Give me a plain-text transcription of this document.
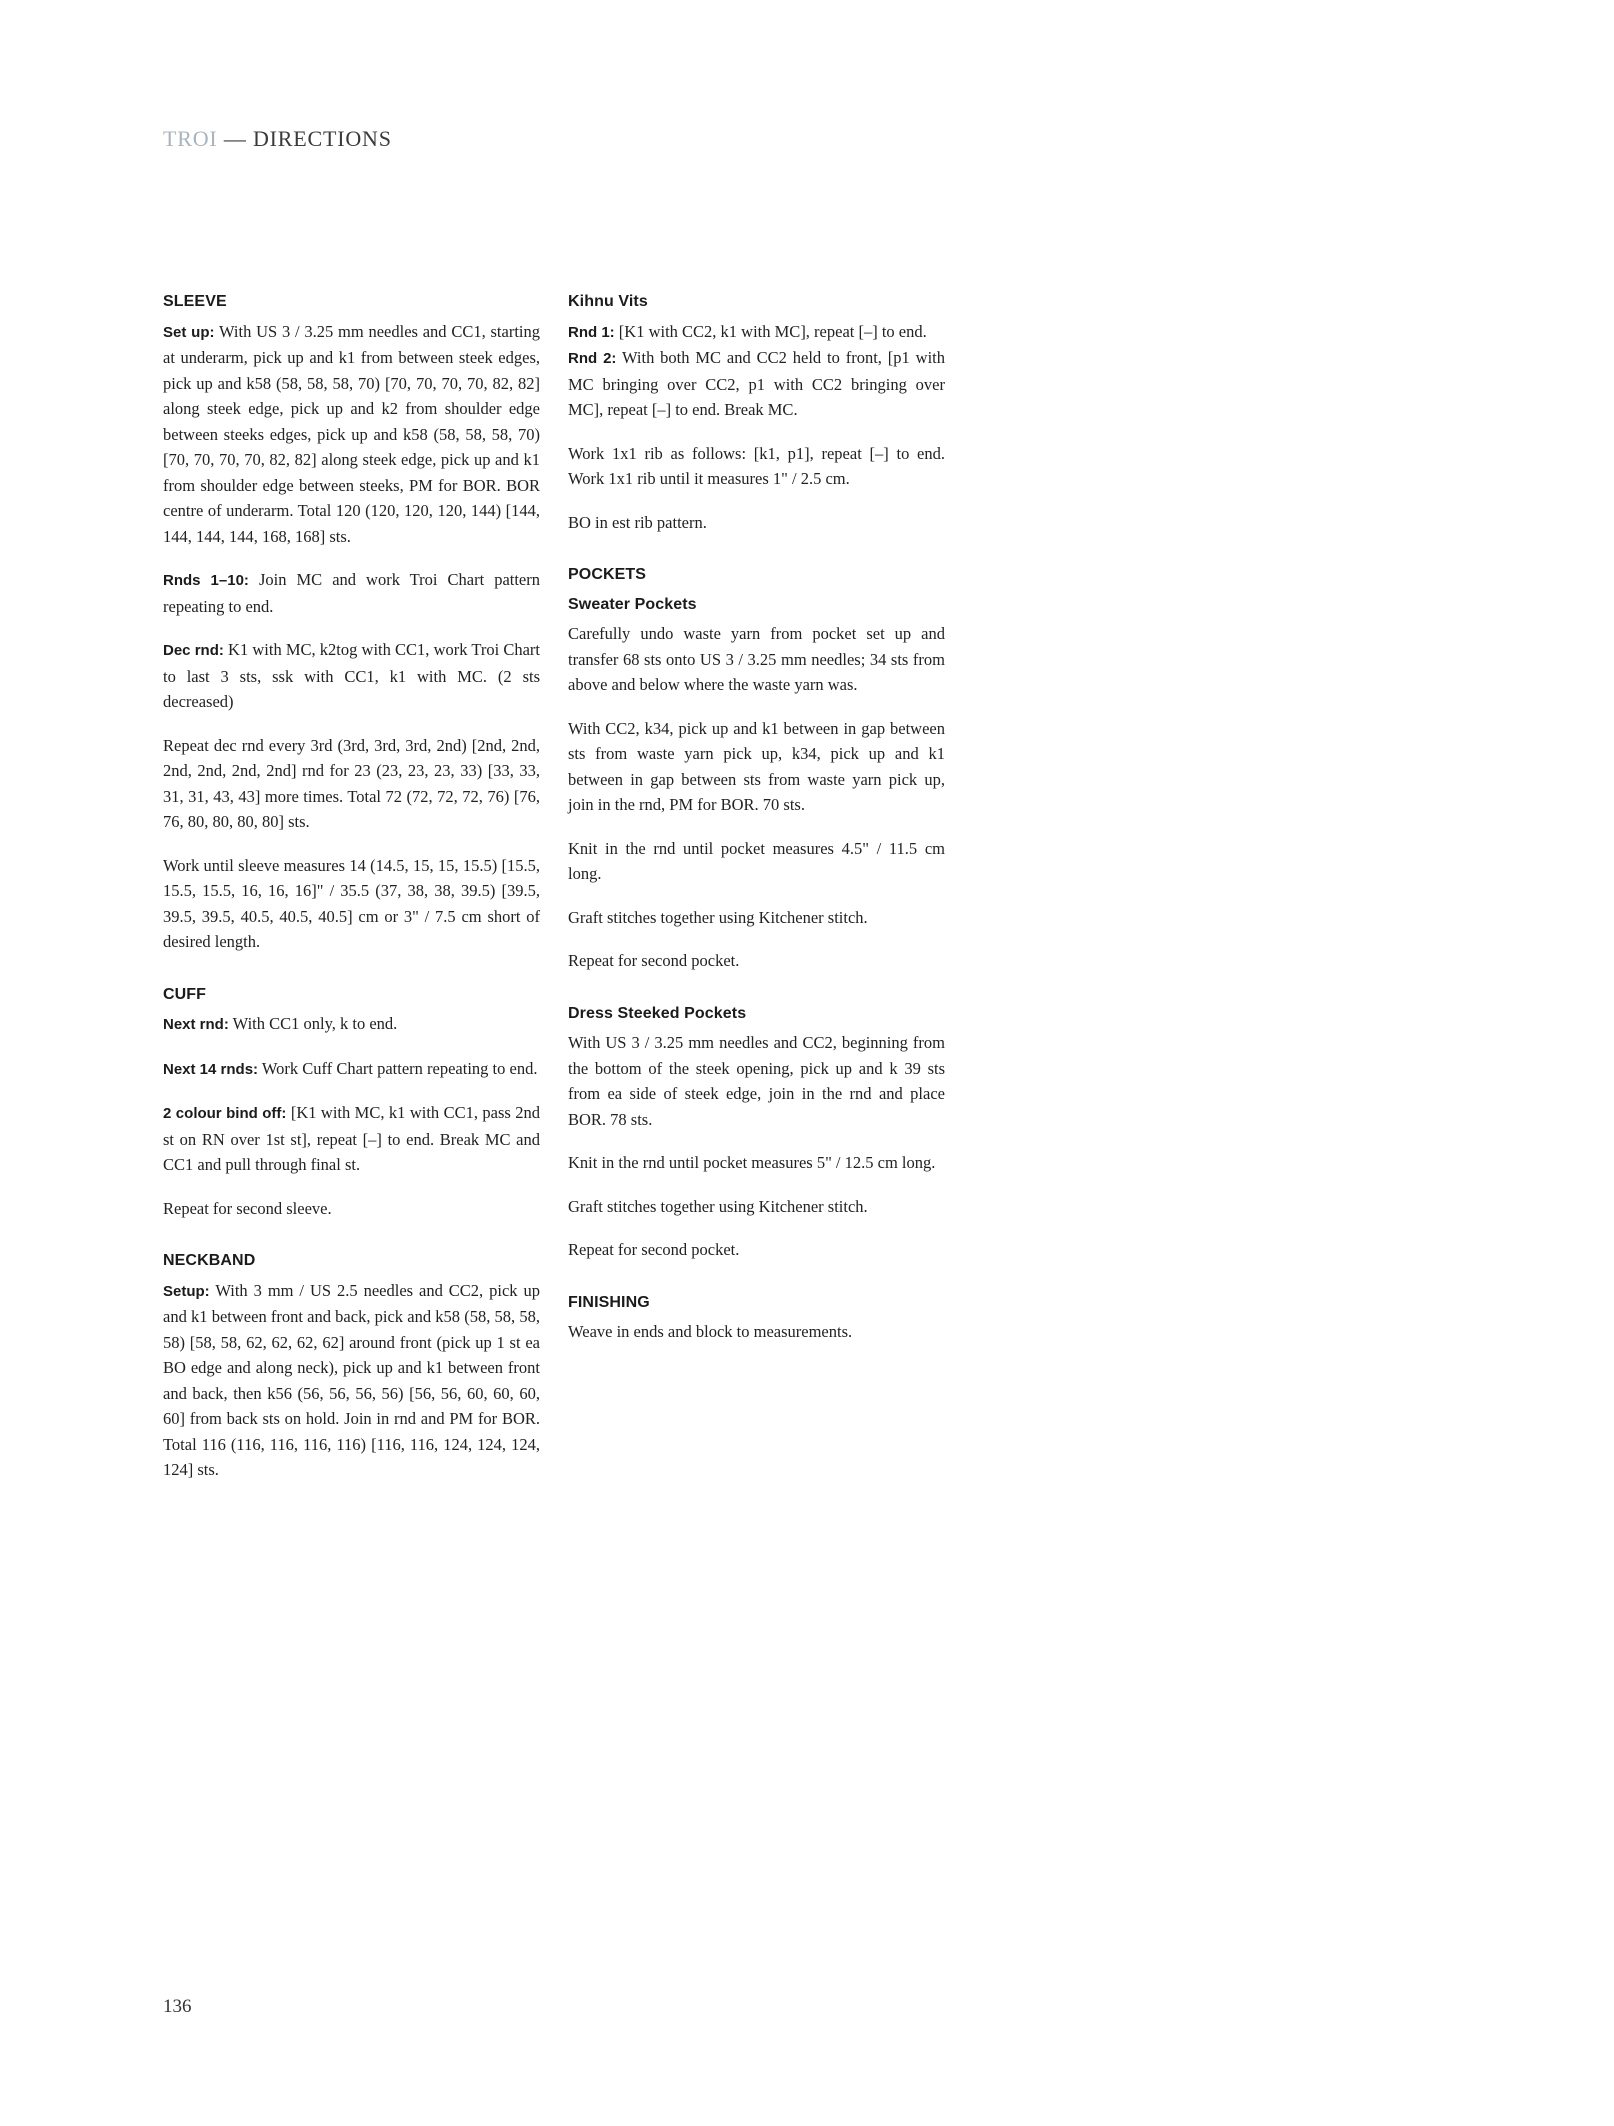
TROI — DIRECTIONS
SLEEVE

Set up: With US 3 / 3.25 mm needles and CC1, starting at underarm, pick up and k1 from between steek edges, pick up and k58 (58, 58, 58, 70) [70, 70, 70, 70, 82, 82] along steek edge, pick up and k2 from shoulder edge between steeks edges, pick up and k58 (58, 58, 58, 70) [70, 70, 70, 70, 82, 82] along steek edge, pick up and k1 from shoulder edge between steeks, PM for BOR. BOR centre of underarm. Total 120 (120, 120, 120, 144) [144, 144, 144, 144, 168, 168] sts.

Rnds 1–10: Join MC and work Troi Chart pattern repeating to end.

Dec rnd: K1 with MC, k2tog with CC1, work Troi Chart to last 3 sts, ssk with CC1, k1 with MC. (2 sts decreased)

Repeat dec rnd every 3rd (3rd, 3rd, 3rd, 2nd) [2nd, 2nd, 2nd, 2nd, 2nd, 2nd] rnd for 23 (23, 23, 23, 33) [33, 33, 31, 31, 43, 43] more times. Total 72 (72, 72, 72, 76) [76, 76, 80, 80, 80, 80] sts.

Work until sleeve measures 14 (14.5, 15, 15, 15.5) [15.5, 15.5, 15.5, 16, 16, 16]" / 35.5 (37, 38, 38, 39.5) [39.5, 39.5, 39.5, 40.5, 40.5, 40.5] cm or 3" / 7.5 cm short of desired length.

CUFF

Next rnd: With CC1 only, k to end.

Next 14 rnds: Work Cuff Chart pattern repeating to end.

2 colour bind off: [K1 with MC, k1 with CC1, pass 2nd st on RN over 1st st], repeat [–] to end. Break MC and CC1 and pull through final st.

Repeat for second sleeve.

NECKBAND

Setup: With 3 mm / US 2.5 needles and CC2, pick up and k1 between front and back, pick and k58 (58, 58, 58, 58) [58, 58, 62, 62, 62, 62] around front (pick up 1 st ea BO edge and along neck), pick up and k1 between front and back, then k56 (56, 56, 56, 56) [56, 56, 60, 60, 60, 60] from back sts on hold. Join in rnd and PM for BOR. Total 116 (116, 116, 116, 116) [116, 116, 124, 124, 124, 124] sts.

Kihnu Vits

Rnd 1: [K1 with CC2, k1 with MC], repeat [–] to end.

Rnd 2: With both MC and CC2 held to front, [p1 with MC bringing over CC2, p1 with CC2 bringing over MC], repeat [–] to end. Break MC.

Work 1x1 rib as follows: [k1, p1], repeat [–] to end. Work 1x1 rib until it measures 1" / 2.5 cm.

BO in est rib pattern.

POCKETS
Sweater Pockets

Carefully undo waste yarn from pocket set up and transfer 68 sts onto US 3 / 3.25 mm needles; 34 sts from above and below where the waste yarn was.

With CC2, k34, pick up and k1 between in gap between sts from waste yarn pick up, k34, pick up and k1 between in gap between sts from waste yarn pick up, join in the rnd, PM for BOR. 70 sts.

Knit in the rnd until pocket measures 4.5" / 11.5 cm long.

Graft stitches together using Kitchener stitch.

Repeat for second pocket.

Dress Steeked Pockets

With US 3 / 3.25 mm needles and CC2, beginning from the bottom of the steek opening, pick up and k 39 sts from ea side of steek edge, join in the rnd and place BOR. 78 sts.

Knit in the rnd until pocket measures 5" / 12.5 cm long.

Graft stitches together using Kitchener stitch.

Repeat for second pocket.

FINISHING

Weave in ends and block to measurements.

136
